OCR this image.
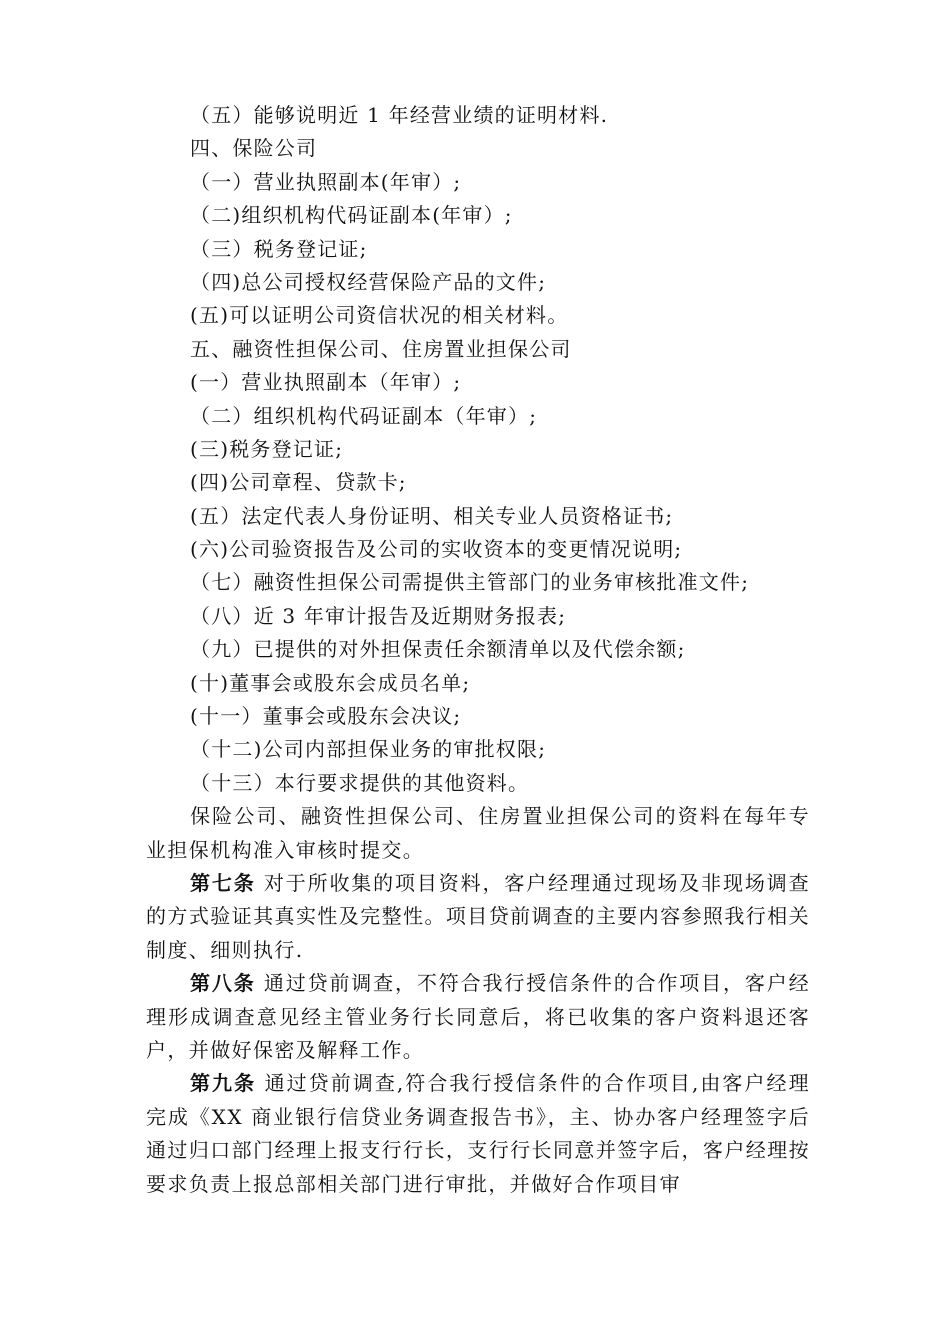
（五）能够说明近 1 年经营业绩的证明材料.
四、保险公司
（一）营业执照副本(年审）;
（二)组织机构代码证副本(年审）;
（三）税务登记证;
（四)总公司授权经营保险产品的文件;
(五)可以证明公司资信状况的相关材料。
五、融资性担保公司、住房置业担保公司
(一）营业执照副本（年审）;
（二）组织机构代码证副本（年审）;
(三)税务登记证;
(四)公司章程、贷款卡;
(五）法定代表人身份证明、相关专业人员资格证书;
(六)公司验资报告及公司的实收资本的变更情况说明;
（七）融资性担保公司需提供主管部门的业务审核批准文件;
（八）近 3 年审计报告及近期财务报表;
（九）已提供的对外担保责任余额清单以及代偿余额;
(十)董事会或股东会成员名单;
(十一）董事会或股东会决议;
（十二)公司内部担保业务的审批权限;
（十三）本行要求提供的其他资料。

保险公司、融资性担保公司、住房置业担保公司的资料在每年专业担保机构准入审核时提交。

第七条 对于所收集的项目资料，客户经理通过现场及非现场调查的方式验证其真实性及完整性。项目贷前调查的主要内容参照我行相关制度、细则执行.

第八条 通过贷前调查，不符合我行授信条件的合作项目，客户经理形成调查意见经主管业务行长同意后，将已收集的客户资料退还客户，并做好保密及解释工作。

第九条 通过贷前调查,符合我行授信条件的合作项目,由客户经理完成《XX 商业银行信贷业务调查报告书》，主、协办客户经理签字后通过归口部门经理上报支行行长，支行行长同意并签字后，客户经理按要求负责上报总部相关部门进行审批，并做好合作项目审
